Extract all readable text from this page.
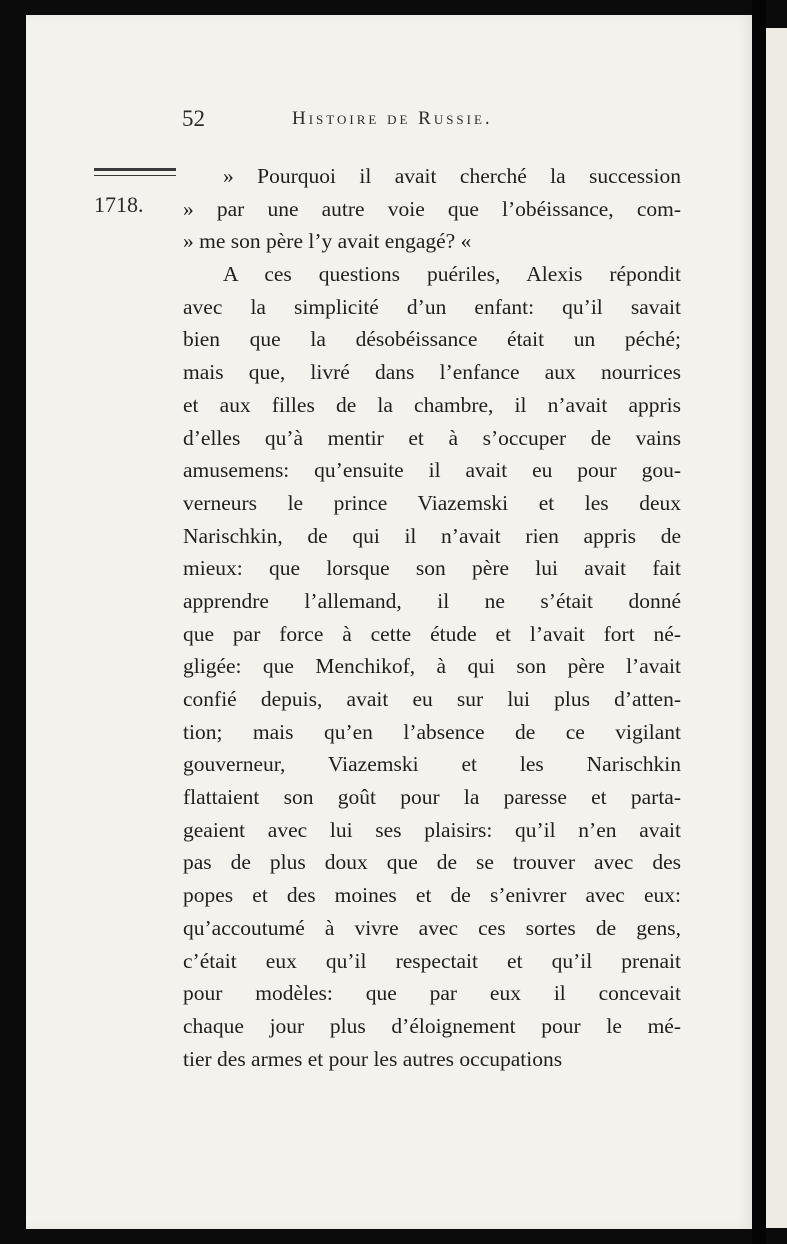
52	Histoire de Russie.
1718.
» Pourquoi il avait cherché la succession
» par une autre voie que l’obéissance, com-
» me son père l’y avait engagé? «
A ces questions puériles, Alexis répondit
avec la simplicité d’un enfant: qu’il savait
bien que la désobéissance était un péché;
mais que, livré dans l’enfance aux nourrices
et aux filles de la chambre, il n’avait appris
d’elles qu’à mentir et à s’occuper de vains
amusemens: qu’ensuite il avait eu pour gou-
verneurs le prince Viazemski et les deux
Narischkin, de qui il n’avait rien appris de
mieux: que lorsque son père lui avait fait
apprendre l’allemand, il ne s’était donné
que par force à cette étude et l’avait fort né-
gligée: que Menchikof, à qui son père l’avait
confié depuis, avait eu sur lui plus d’atten-
tion; mais qu’en l’absence de ce vigilant
gouverneur, Viazemski et les Narischkin
flattaient son goût pour la paresse et parta-
geaient avec lui ses plaisirs: qu’il n’en avait
pas de plus doux que de se trouver avec des
popes et des moines et de s’enivrer avec eux:
qu’accoutumé à vivre avec ces sortes de gens,
c’était eux qu’il respectait et qu’il prenait
pour modèles: que par eux il concevait
chaque jour plus d’éloignement pour le mé-
tier des armes et pour les autres occupations
